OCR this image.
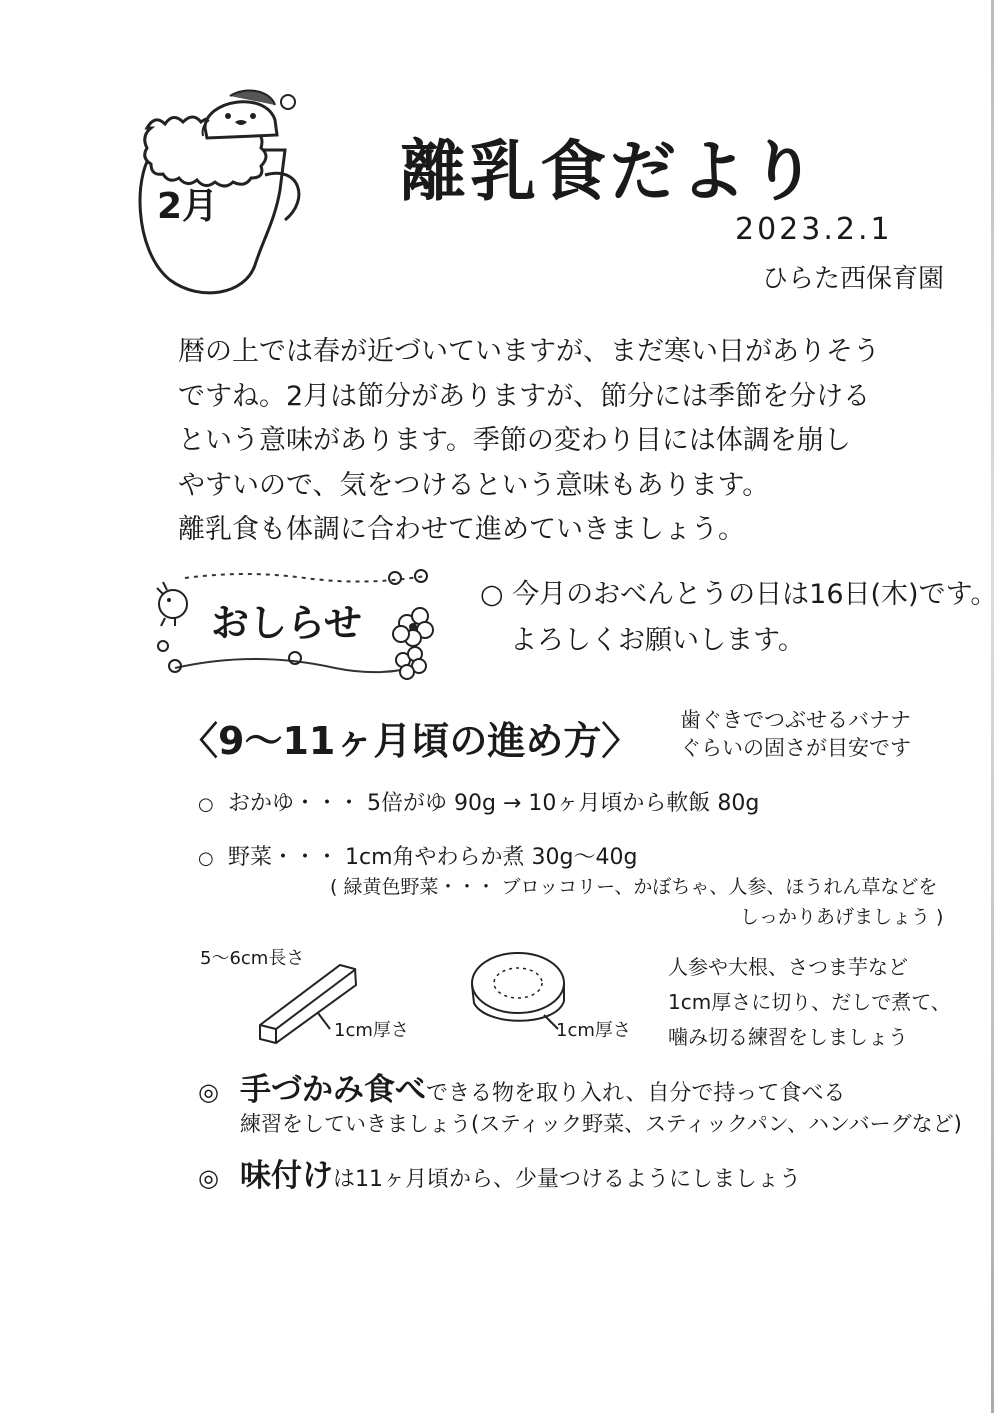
2月	離乳食だより
2023.2.1
ひらた西保育園
暦の上では春が近づいていますが、まだ寒い日がありそう
ですね。2月は節分がありますが、節分には季節を分ける
という意味があります。季節の変わり目には体調を崩し
やすいので、気をつけるという意味もあります。
離乳食も体調に合わせて進めていきましょう。
おしらせ
○ 今月のおべんとうの日は16日(木)です。
よろしくお願いします。
〈9〜11ヶ月頃の進め方〉 歯ぐきでつぶせるバナナ
ぐらいの固さが目安です
○ おかゆ・・・ 5倍がゆ 90g → 10ヶ月頃から軟飯 80g
○ 野菜・・・ 1cm角やわらか煮 30g〜40g
( 緑黄色野菜・・・ ブロッコリー、かぼちゃ、人参、ほうれん草などを
しっかりあげましょう )
5〜6cm長さ
1cm厚さ	1cm厚さ
人参や大根、さつま芋など
1cm厚さに切り、だしで煮て、
噛み切る練習をしましょう
◎ 手づかみ食べできる物を取り入れ、自分で持って食べる
練習をしていきましょう(スティック野菜、スティックパン、ハンバーグなど)
◎ 味付けは11ヶ月頃から、少量つけるようにしましょう
